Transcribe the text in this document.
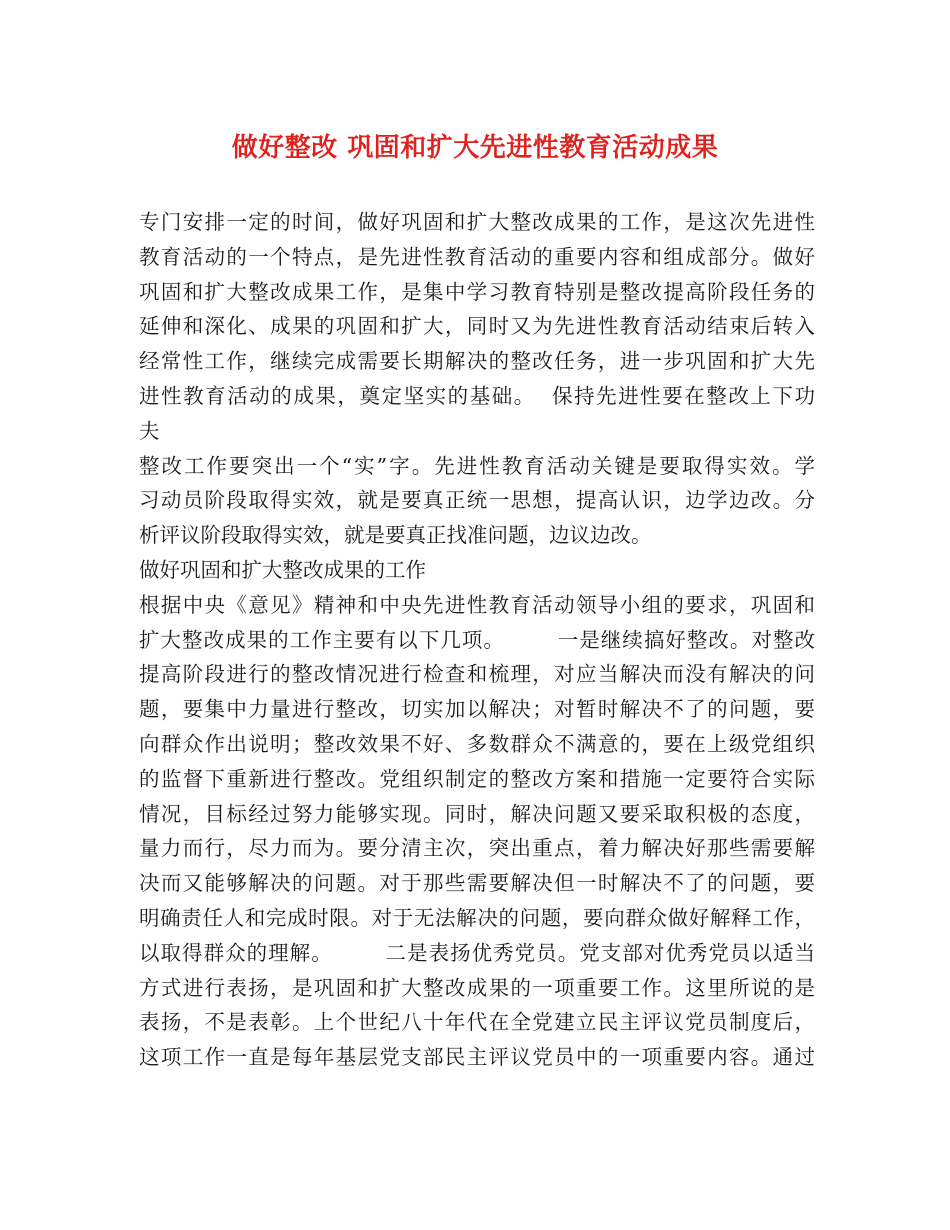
做好整改 巩固和扩大先进性教育活动成果
专门安排一定的时间，做好巩固和扩大整改成果的工作，是这次先进性
教育活动的一个特点，是先进性教育活动的重要内容和组成部分。做好
巩固和扩大整改成果工作，是集中学习教育特别是整改提高阶段任务的
延伸和深化、成果的巩固和扩大，同时又为先进性教育活动结束后转入
经常性工作，继续完成需要长期解决的整改任务，进一步巩固和扩大先
进性教育活动的成果，奠定坚实的基础。  保持先进性要在整改上下功
夫
整改工作要突出一个“实”字。先进性教育活动关键是要取得实效。学
习动员阶段取得实效，就是要真正统一思想，提高认识，边学边改。分
析评议阶段取得实效，就是要真正找准问题，边议边改。
做好巩固和扩大整改成果的工作
根据中央《意见》精神和中央先进性教育活动领导小组的要求，巩固和
扩大整改成果的工作主要有以下几项。       一是继续搞好整改。对整改
提高阶段进行的整改情况进行检查和梳理，对应当解决而没有解决的问
题，要集中力量进行整改，切实加以解决；对暂时解决不了的问题，要
向群众作出说明；整改效果不好、多数群众不满意的，要在上级党组织
的监督下重新进行整改。党组织制定的整改方案和措施一定要符合实际
情况，目标经过努力能够实现。同时，解决问题又要采取积极的态度，
量力而行，尽力而为。要分清主次，突出重点，着力解决好那些需要解
决而又能够解决的问题。对于那些需要解决但一时解决不了的问题，要
明确责任人和完成时限。对于无法解决的问题，要向群众做好解释工作，
以取得群众的理解。       二是表扬优秀党员。党支部对优秀党员以适当
方式进行表扬，是巩固和扩大整改成果的一项重要工作。这里所说的是
表扬，不是表彰。上个世纪八十年代在全党建立民主评议党员制度后，
这项工作一直是每年基层党支部民主评议党员中的一项重要内容。通过
